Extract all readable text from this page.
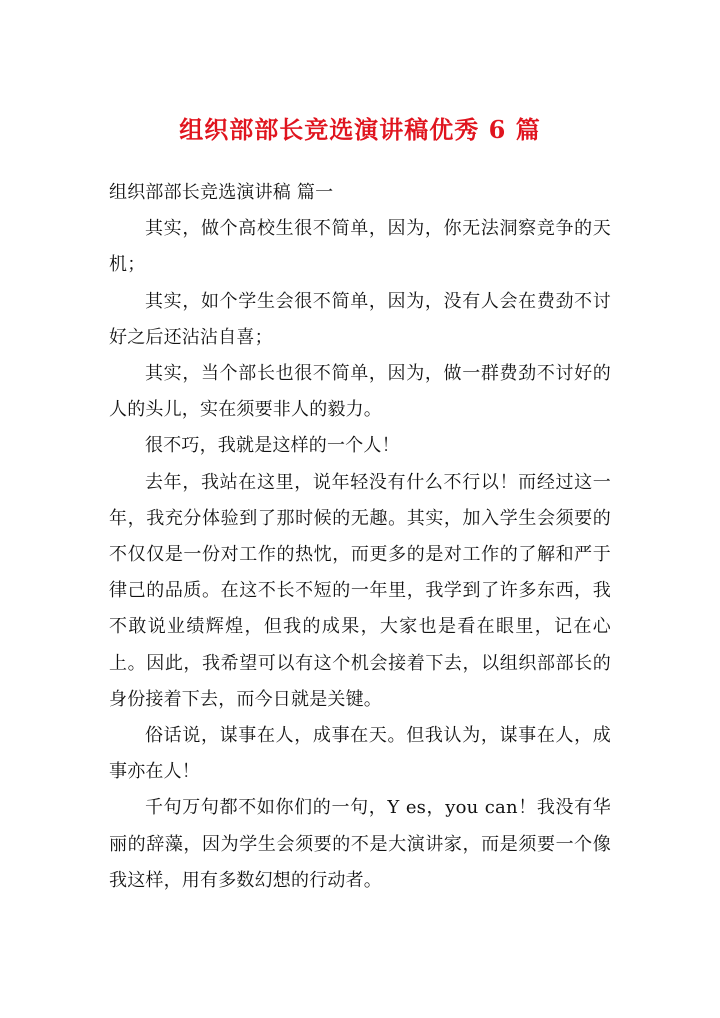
组织部部长竞选演讲稿优秀 6 篇

组织部部长竞选演讲稿 篇一

其实，做个高校生很不简单，因为，你无法洞察竞争的天机；

其实，如个学生会很不简单，因为，没有人会在费劲不讨好之后还沾沾自喜；

其实，当个部长也很不简单，因为，做一群费劲不讨好的人的头儿，实在须要非人的毅力。

很不巧，我就是这样的一个人！

去年，我站在这里，说年轻没有什么不行以！而经过这一年，我充分体验到了那时候的无趣。其实，加入学生会须要的不仅仅是一份对工作的热忱，而更多的是对工作的了解和严于律己的品质。在这不长不短的一年里，我学到了许多东西，我不敢说业绩辉煌，但我的成果，大家也是看在眼里，记在心上。因此，我希望可以有这个机会接着下去，以组织部部长的身份接着下去，而今日就是关键。

俗话说，谋事在人，成事在天。但我认为，谋事在人，成事亦在人！

千句万句都不如你们的一句，Y es，you can！我没有华丽的辞藻，因为学生会须要的不是大演讲家，而是须要一个像我这样，用有多数幻想的行动者。
